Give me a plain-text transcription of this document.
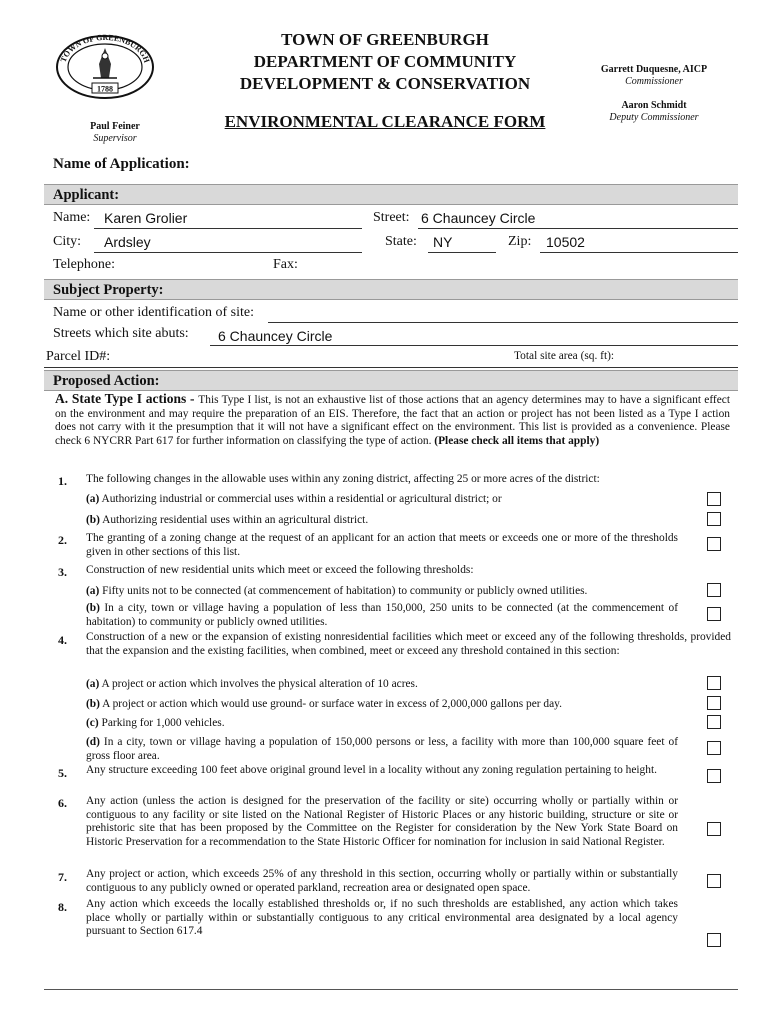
TOWN OF GREENBURGH
1788
TOWN OF GREENBURGH
DEPARTMENT OF COMMUNITY
DEVELOPMENT & CONSERVATION
ENVIRONMENTAL CLEARANCE FORM
Paul Feiner
Supervisor
Garrett Duquesne, AICP
Commissioner
Aaron Schmidt
Deputy Commissioner
Name of Application:
Applicant:
Name: Karen Grolier	Street: 6 Chauncey Circle
City: Ardsley	State: NY	Zip: 10502
Telephone:	Fax:
Subject Property:
Name or other identification of site:
Streets which site abuts: 6 Chauncey Circle
Parcel ID#:	Total site area (sq. ft):
Proposed Action:
A. State Type I actions - This Type I list, is not an exhaustive list of those actions that an agency determines may to have a significant effect on the environment and may require the preparation of an EIS. Therefore, the fact that an action or project has not been listed as a Type I action does not carry with it the presumption that it will not have a significant effect on the environment. This list is provided as a convenience. Please check 6 NYCRR Part 617 for further information on classifying the type of action. (Please check all items that apply)
1. The following changes in the allowable uses within any zoning district, affecting 25 or more acres of the district:
(a) Authorizing industrial or commercial uses within a residential or agricultural district; or
(b) Authorizing residential uses within an agricultural district.
2. The granting of a zoning change at the request of an applicant for an action that meets or exceeds one or more of the thresholds given in other sections of this list.
3. Construction of new residential units which meet or exceed the following thresholds:
(a) Fifty units not to be connected (at commencement of habitation) to community or publicly owned utilities.
(b) In a city, town or village having a population of less than 150,000, 250 units to be connected (at the commencement of habitation) to community or publicly owned utilities.
4. Construction of a new or the expansion of existing nonresidential facilities which meet or exceed any of the following thresholds, provided that the expansion and the existing facilities, when combined, meet or exceed any threshold contained in this section:
(a) A project or action which involves the physical alteration of 10 acres.
(b) A project or action which would use ground- or surface water in excess of 2,000,000 gallons per day.
(c) Parking for 1,000 vehicles.
(d) In a city, town or village having a population of 150,000 persons or less, a facility with more than 100,000 square feet of gross floor area.
5. Any structure exceeding 100 feet above original ground level in a locality without any zoning regulation pertaining to height.
6. Any action (unless the action is designed for the preservation of the facility or site) occurring wholly or partially within or contiguous to any facility or site listed on the National Register of Historic Places or any historic building, structure or site or prehistoric site that has been proposed by the Committee on the Register for consideration by the New York State Board on Historic Preservation for a recommendation to the State Historic Officer for nomination for inclusion in said National Register.
7. Any project or action, which exceeds 25% of any threshold in this section, occurring wholly or partially within or substantially contiguous to any publicly owned or operated parkland, recreation area or designated open space.
8. Any action which exceeds the locally established thresholds or, if no such thresholds are established, any action which takes place wholly or partially within or substantially contiguous to any critical environmental area designated by a local agency pursuant to Section 617.4
